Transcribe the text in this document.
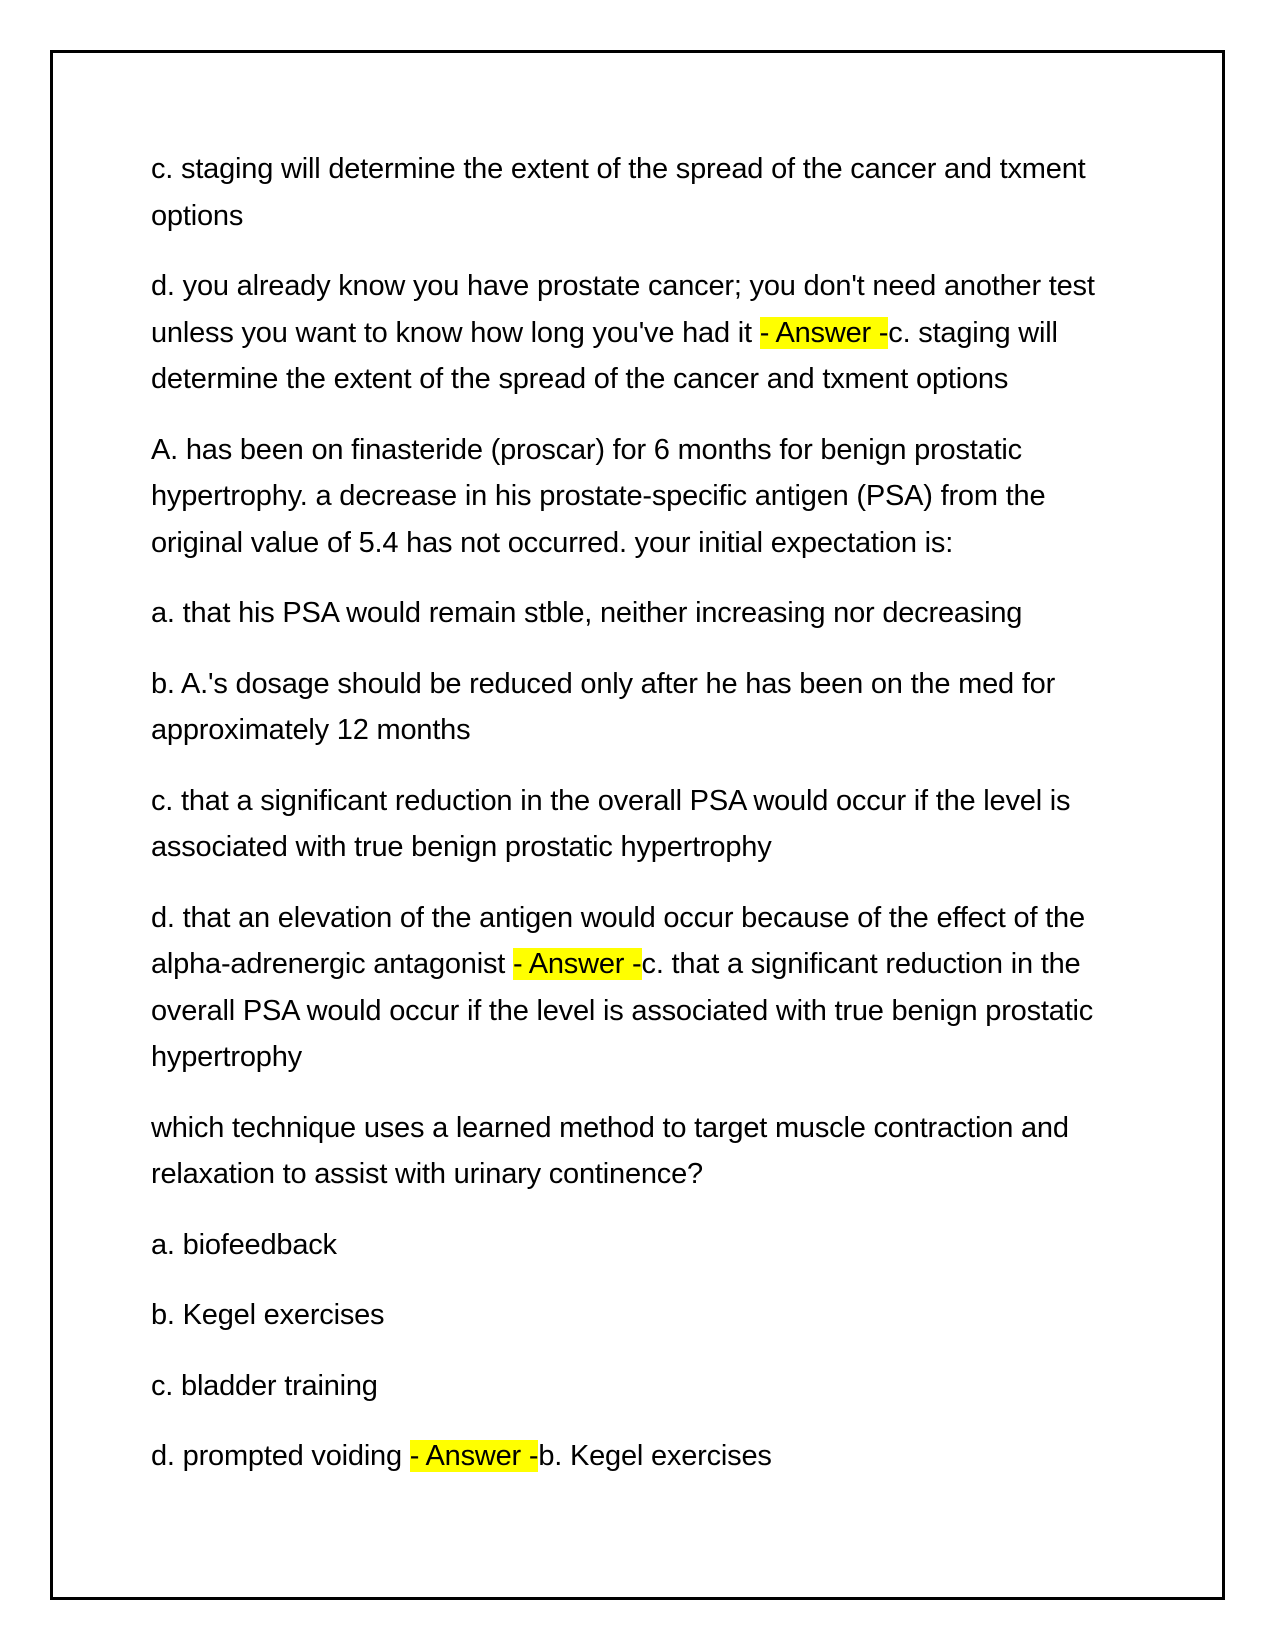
c. staging will determine the extent of the spread of the cancer and txment options

d. you already know you have prostate cancer; you don't need another test unless you want to know how long you've had it - Answer -c. staging will determine the extent of the spread of the cancer and txment options

A. has been on finasteride (proscar) for 6 months for benign prostatic hypertrophy. a decrease in his prostate-specific antigen (PSA) from the original value of 5.4 has not occurred. your initial expectation is:

a. that his PSA would remain stble, neither increasing nor decreasing

b. A.'s dosage should be reduced only after he has been on the med for approximately 12 months

c. that a significant reduction in the overall PSA would occur if the level is associated with true benign prostatic hypertrophy

d. that an elevation of the antigen would occur because of the effect of the alpha-adrenergic antagonist - Answer -c. that a significant reduction in the overall PSA would occur if the level is associated with true benign prostatic hypertrophy

which technique uses a learned method to target muscle contraction and relaxation to assist with urinary continence?

a. biofeedback

b. Kegel exercises

c. bladder training

d. prompted voiding - Answer -b. Kegel exercises
